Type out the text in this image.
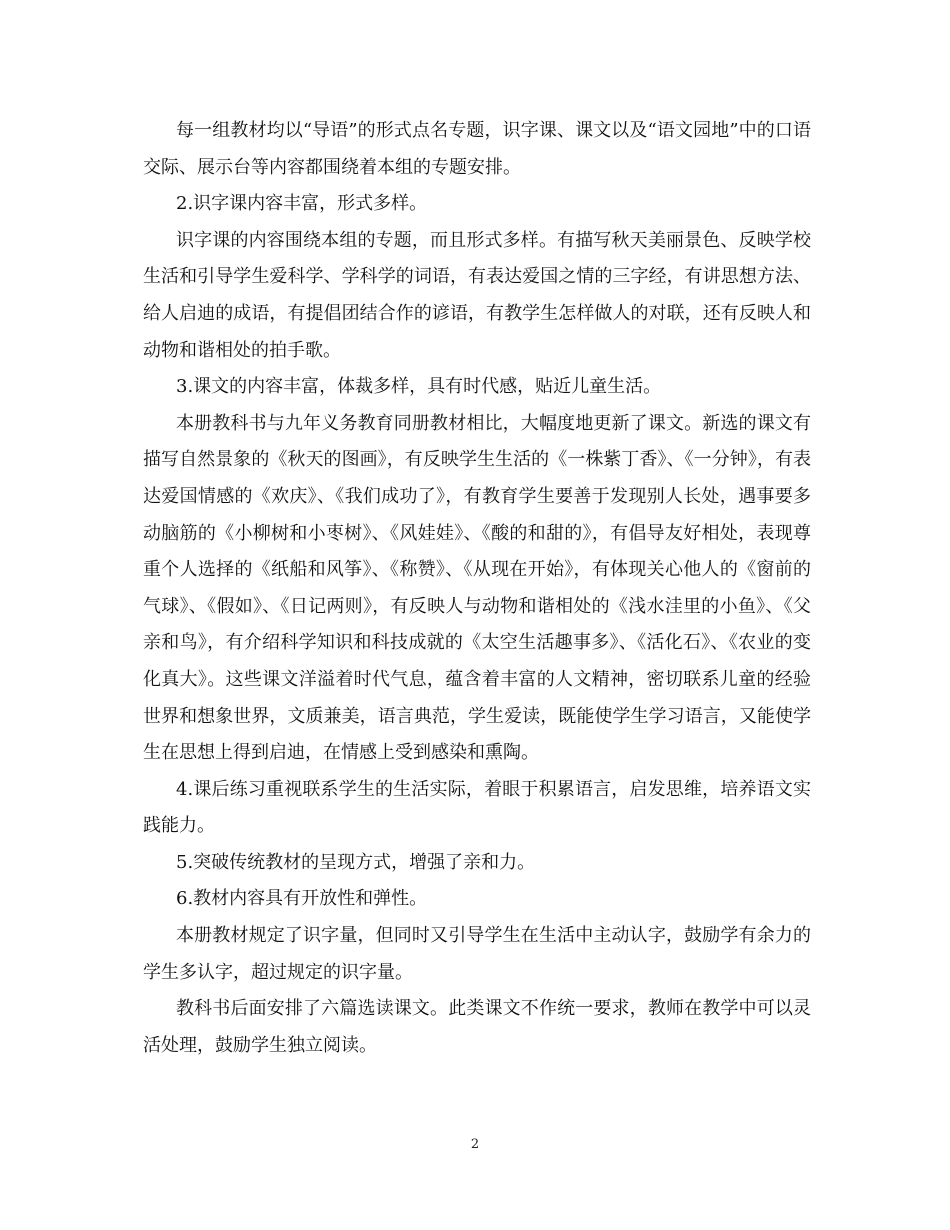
每一组教材均以“导语”的形式点名专题，识字课、课文以及“语文园地”中的口语交际、展示台等内容都围绕着本组的专题安排。

2.识字课内容丰富，形式多样。

识字课的内容围绕本组的专题，而且形式多样。有描写秋天美丽景色、反映学校生活和引导学生爱科学、学科学的词语，有表达爱国之情的三字经，有讲思想方法、给人启迪的成语，有提倡团结合作的谚语，有教学生怎样做人的对联，还有反映人和动物和谐相处的拍手歌。

3.课文的内容丰富，体裁多样，具有时代感，贴近儿童生活。

本册教科书与九年义务教育同册教材相比，大幅度地更新了课文。新选的课文有描写自然景象的《秋天的图画》，有反映学生生活的《一株紫丁香》、《一分钟》，有表达爱国情感的《欢庆》、《我们成功了》，有教育学生要善于发现别人长处，遇事要多动脑筋的《小柳树和小枣树》、《风娃娃》、《酸的和甜的》，有倡导友好相处，表现尊重个人选择的《纸船和风筝》、《称赞》、《从现在开始》，有体现关心他人的《窗前的气球》、《假如》、《日记两则》，有反映人与动物和谐相处的《浅水洼里的小鱼》、《父亲和鸟》，有介绍科学知识和科技成就的《太空生活趣事多》、《活化石》、《农业的变化真大》。这些课文洋溢着时代气息，蕴含着丰富的人文精神，密切联系儿童的经验世界和想象世界，文质兼美，语言典范，学生爱读，既能使学生学习语言，又能使学生在思想上得到启迪，在情感上受到感染和熏陶。

4.课后练习重视联系学生的生活实际，着眼于积累语言，启发思维，培养语文实践能力。

5.突破传统教材的呈现方式，增强了亲和力。

6.教材内容具有开放性和弹性。

本册教材规定了识字量，但同时又引导学生在生活中主动认字，鼓励学有余力的学生多认字，超过规定的识字量。

教科书后面安排了六篇选读课文。此类课文不作统一要求，教师在教学中可以灵活处理，鼓励学生独立阅读。

2
